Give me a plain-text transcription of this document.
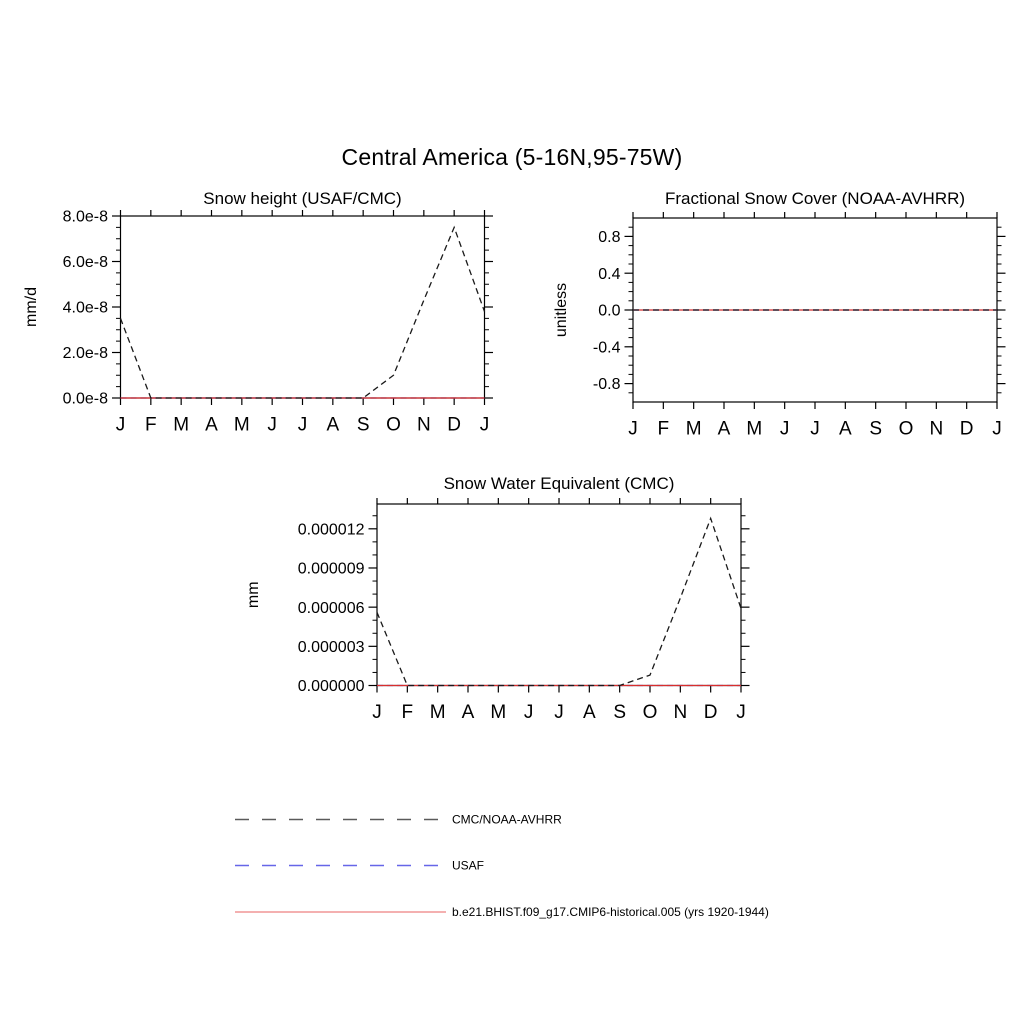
Central America (5-16N,95-75W)
J F M A M J J A S O N D J
0.0e-8
2.0e-8
4.0e-8
6.0e-8
8.0e-8
mm/d
Snow height (USAF/CMC)
J F M A M J J A S O N D J
-0.8
-0.4
0.0
0.4
0.8
unitless
Fractional Snow Cover (NOAA-AVHRR)
J F M A M J J A S O N D J
0.000000
0.000003
0.000006
0.000009
0.000012
mm
Snow Water Equivalent (CMC)
CMC/NOAA-AVHRR
USAF
b.e21.BHIST.f09_g17.CMIP6-historical.005 (yrs 1920-1944)
